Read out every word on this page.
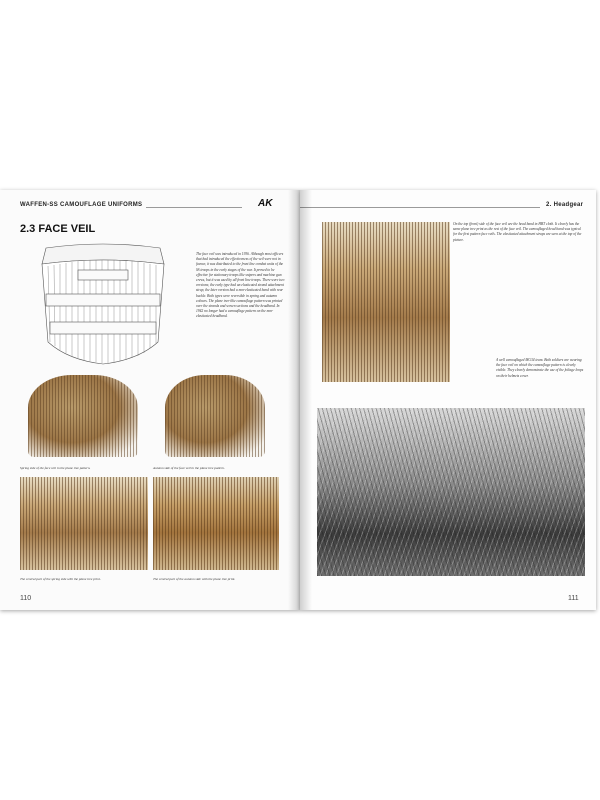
WAFFEN-SS CAMOUFLAGE UNIFORMS
2.3 FACE VEIL
The face veil was introduced in 1936. Although most officers that had introduced the effectiveness of the veil were not in favour, it was distributed to the front line combat units of the SS troops in the early stages of the war. It proved to be effective for stationary troops like snipers and machine gun crews, but it was used by all front line troops. There were two versions; the early type had an elasticated strand attachment strap, the later version had a non-elasticated band with rear buckle. Both types were reversible in spring and autumn colours. The plane tree-like camouflage pattern was printed over the strands and woven sections and the headband. In 1942 no longer had a camouflage pattern on the non-elasticated headband.
Spring side of the face veil in the plane tree pattern.	Autumn side of the face veil in the plane tree pattern.
The central part of the spring side with the plane tree print.	The central part of the autumn side with the plane tree print.
110
2. Headgear
On the top (front) side of the face veil are the head band in HBT cloth. It clearly has the same plane tree print as the rest of the face veil. The camouflaged head band was typical for the first pattern face veils. The elasticated attachment straps are seen at the top of the picture.
A well camouflaged MG34 team. Both soldiers are wearing the face veil on which the camouflage pattern is clearly visible. They clearly demonstrate the use of the foliage loops on their helmets cover.
111
AK
